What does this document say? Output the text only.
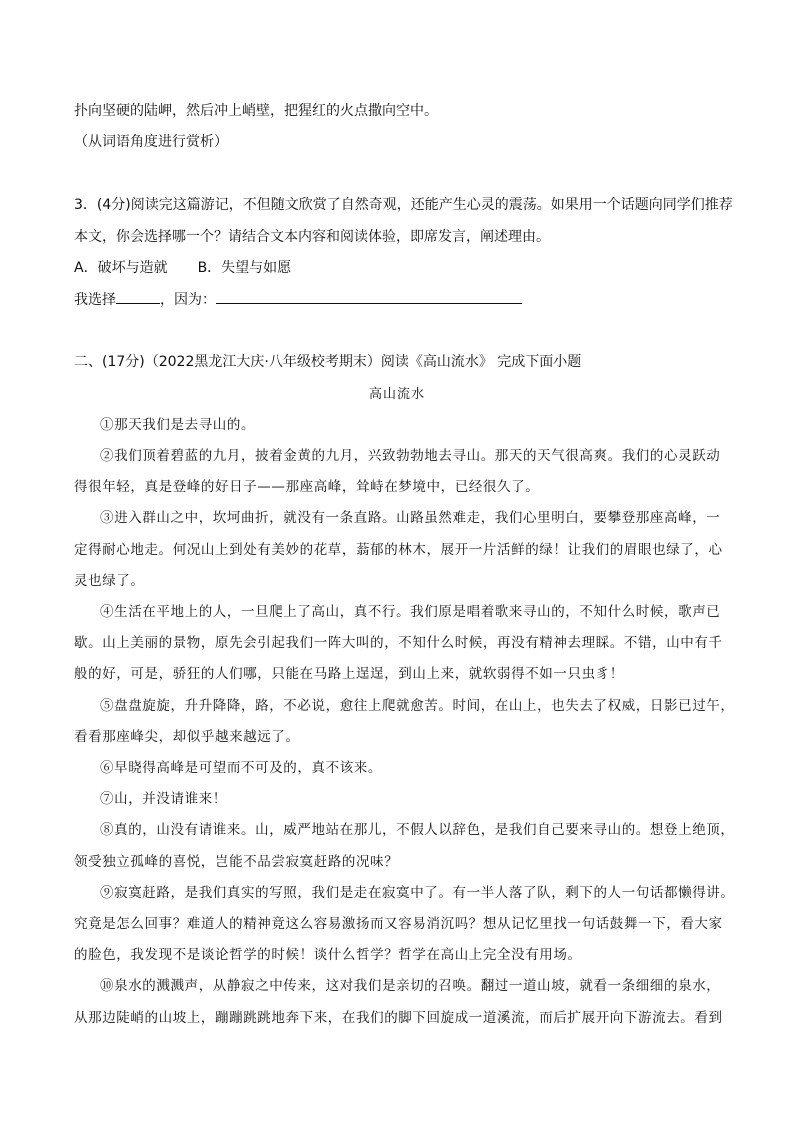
扑向坚硬的陆岬，然后冲上峭壁，把猩红的火点撒向空中。
（从词语角度进行赏析）
3．(4分)阅读完这篇游记，不但随文欣赏了自然奇观，还能产生心灵的震荡。如果用一个话题向同学们推荐
本文，你会选择哪一个？请结合文本内容和阅读体验，即席发言，阐述理由。
A．破坏与造就 B．失望与如愿
我选择	，因为：
二、(17分)（2022黑龙江大庆·八年级校考期末）阅读《高山流水》 完成下面小题
高山流水
①那天我们是去寻山的。
②我们顶着碧蓝的九月，披着金黄的九月，兴致勃勃地去寻山。那天的天气很高爽。我们的心灵跃动
得很年轻，真是登峰的好日子——那座高峰，耸峙在梦境中，已经很久了。
③进入群山之中，坎坷曲折，就没有一条直路。山路虽然难走，我们心里明白，要攀登那座高峰，一
定得耐心地走。何况山上到处有美妙的花草，蓊郁的林木，展开一片活鲜的绿！让我们的眉眼也绿了，心
灵也绿了。
④生活在平地上的人，一旦爬上了高山，真不行。我们原是唱着歌来寻山的，不知什么时候，歌声已
歇。山上美丽的景物，原先会引起我们一阵大叫的，不知什么时候，再没有精神去理睬。不错，山中有千
般的好，可是，骄狂的人们哪，只能在马路上逞逞，到山上来，就软弱得不如一只虫豸！
⑤盘盘旋旋，升升降降，路，不必说，愈往上爬就愈苦。时间，在山上，也失去了权威，日影已过午，
看看那座峰尖，却似乎越来越远了。
⑥早晓得高峰是可望而不可及的，真不该来。
⑦山，并没请谁来！
⑧真的，山没有请谁来。山，威严地站在那儿，不假人以辞色，是我们自己要来寻山的。想登上绝顶，
领受独立孤峰的喜悦，岂能不品尝寂寞赶路的况味？
⑨寂寞赶路，是我们真实的写照，我们是走在寂寞中了。有一半人落了队，剩下的人一句话都懒得讲。
究竟是怎么回事？难道人的精神竟这么容易激扬而又容易消沉吗？想从记忆里找一句话鼓舞一下，看大家
的脸色，我发现不是谈论哲学的时候！谈什么哲学？哲学在高山上完全没有用场。
⑩泉水的溅溅声，从静寂之中传来，这对我们是亲切的召唤。翻过一道山坡，就看一条细细的泉水，
从那边陡峭的山坡上，蹦蹦跳跳地奔下来，在我们的脚下回旋成一道溪流，而后扩展开向下游流去。看到
